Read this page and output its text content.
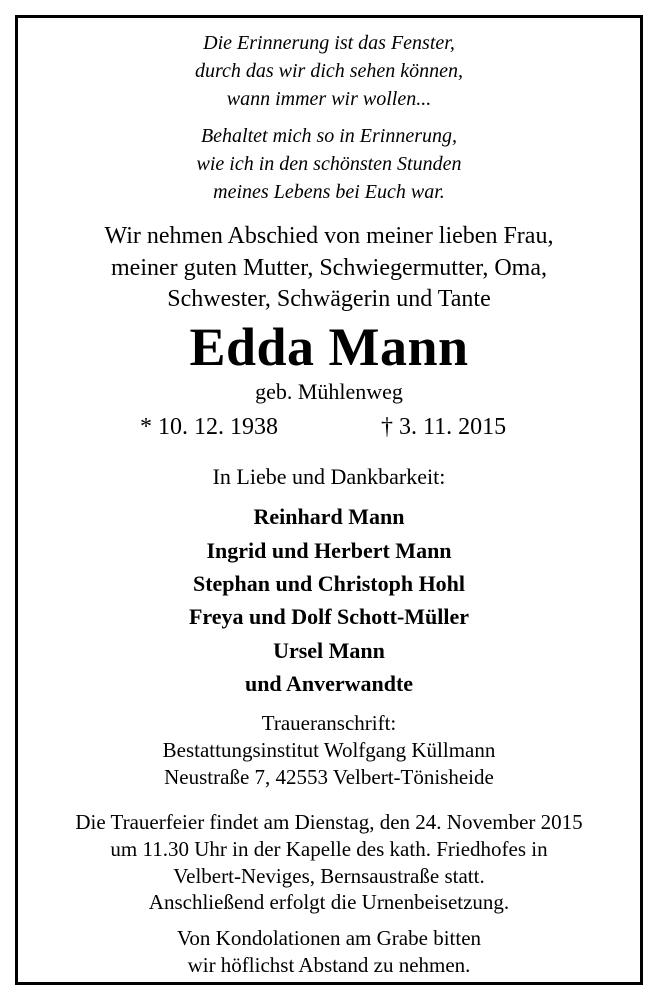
Die Erinnerung ist das Fenster,
durch das wir dich sehen können,
wann immer wir wollen...
Behaltet mich so in Erinnerung,
wie ich in den schönsten Stunden
meines Lebens bei Euch war.
Wir nehmen Abschied von meiner lieben Frau,
meiner guten Mutter, Schwiegermutter, Oma,
Schwester, Schwägerin und Tante
Edda Mann
geb. Mühlenweg
* 10. 12. 1938	† 3. 11. 2015
In Liebe und Dankbarkeit:
Reinhard Mann
Ingrid und Herbert Mann
Stephan und Christoph Hohl
Freya und Dolf Schott-Müller
Ursel Mann
und Anverwandte
Traueranschrift:
Bestattungsinstitut Wolfgang Küllmann
Neustraße 7, 42553 Velbert-Tönisheide
Die Trauerfeier findet am Dienstag, den 24. November 2015
um 11.30 Uhr in der Kapelle des kath. Friedhofes in
Velbert-Neviges, Bernsaustraße statt.
Anschließend erfolgt die Urnenbeisetzung.
Von Kondolationen am Grabe bitten
wir höflichst Abstand zu nehmen.
